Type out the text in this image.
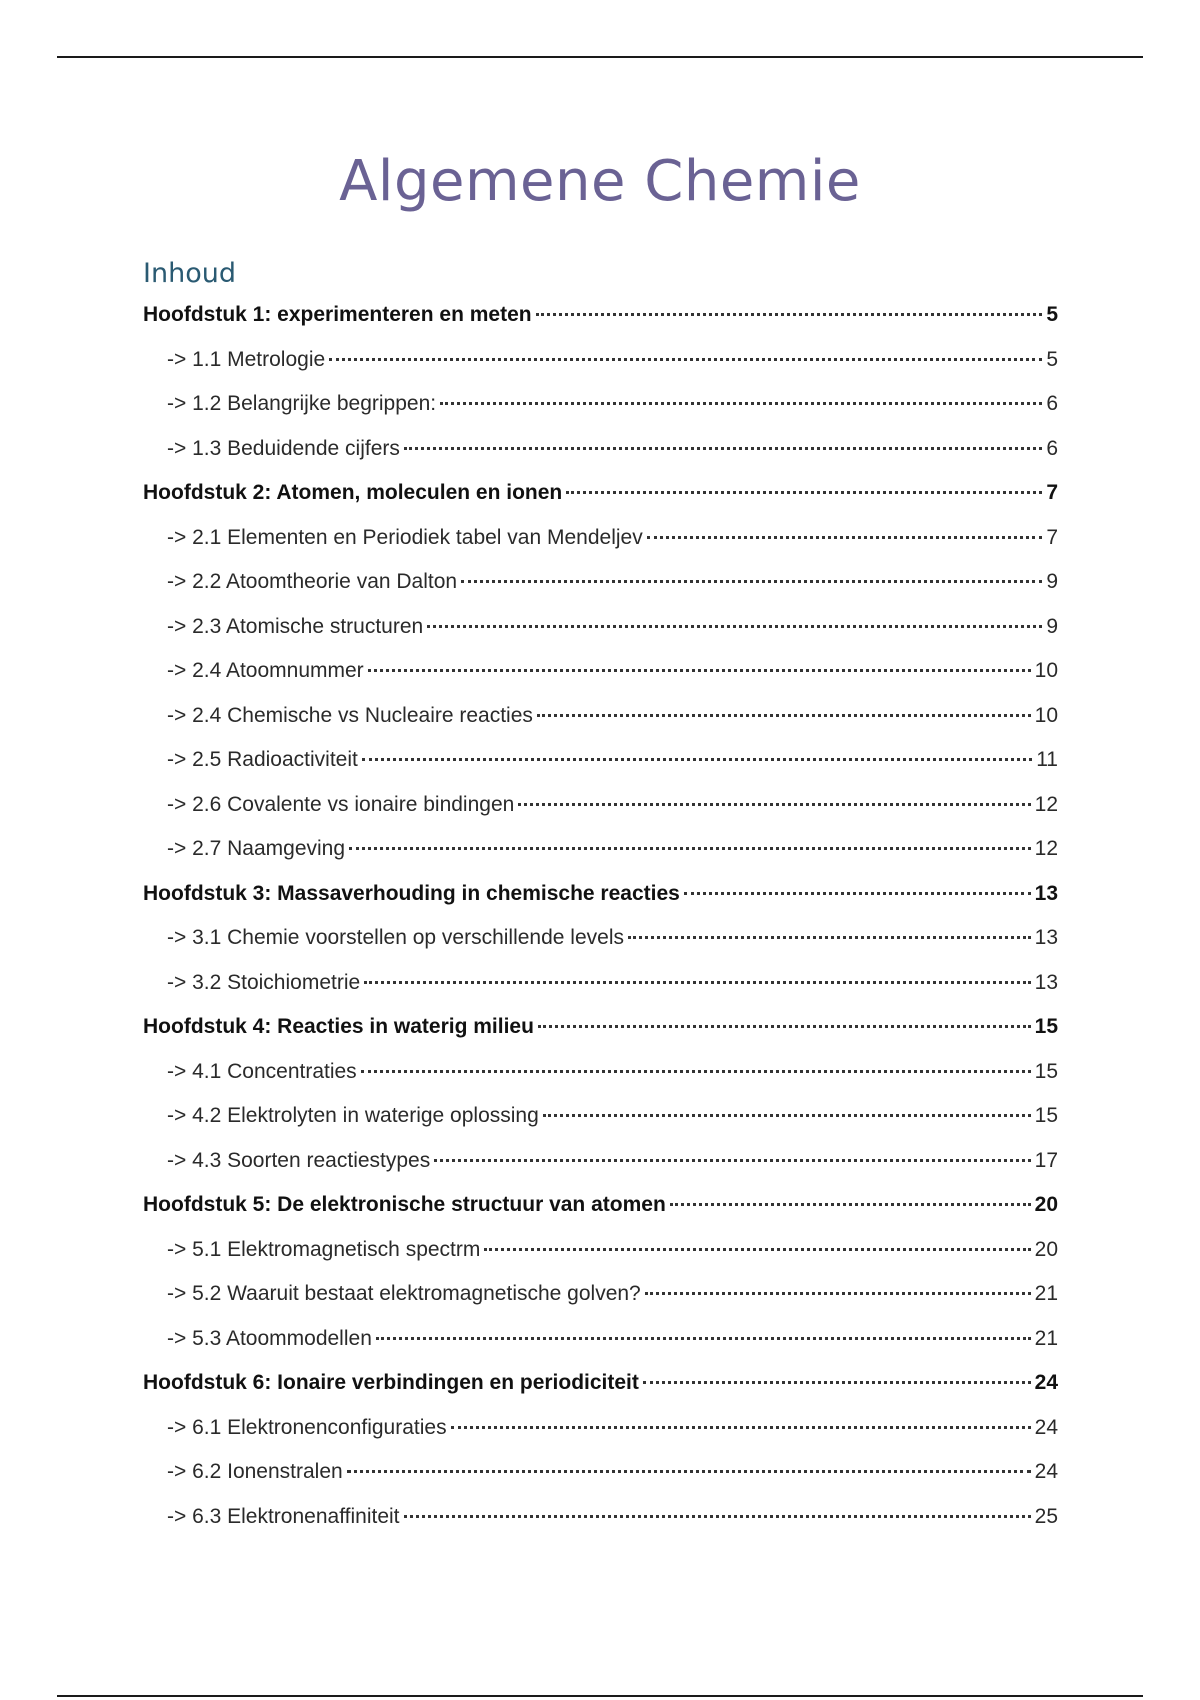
Algemene Chemie
Inhoud
Hoofdstuk 1: experimenteren en meten	5
-> 1.1 Metrologie	5
-> 1.2 Belangrijke begrippen:	6
-> 1.3 Beduidende cijfers	6
Hoofdstuk 2: Atomen, moleculen en ionen	7
-> 2.1 Elementen en Periodiek tabel van Mendeljev	7
-> 2.2 Atoomtheorie van Dalton	9
-> 2.3 Atomische structuren	9
-> 2.4 Atoomnummer	10
-> 2.4 Chemische vs Nucleaire reacties	10
-> 2.5 Radioactiviteit	11
-> 2.6 Covalente vs ionaire bindingen	12
-> 2.7 Naamgeving	12
Hoofdstuk 3: Massaverhouding in chemische reacties	13
-> 3.1 Chemie voorstellen op verschillende levels	13
-> 3.2 Stoichiometrie	13
Hoofdstuk 4: Reacties in waterig milieu	15
-> 4.1 Concentraties	15
-> 4.2 Elektrolyten in waterige oplossing	15
-> 4.3 Soorten reactiestypes	17
Hoofdstuk 5: De elektronische structuur van atomen	20
-> 5.1 Elektromagnetisch spectrm	20
-> 5.2 Waaruit bestaat elektromagnetische golven?	21
-> 5.3 Atoommodellen	21
Hoofdstuk 6: Ionaire verbindingen en periodiciteit	24
-> 6.1 Elektronenconfiguraties	24
-> 6.2 Ionenstralen	24
-> 6.3 Elektronenaffiniteit	25
